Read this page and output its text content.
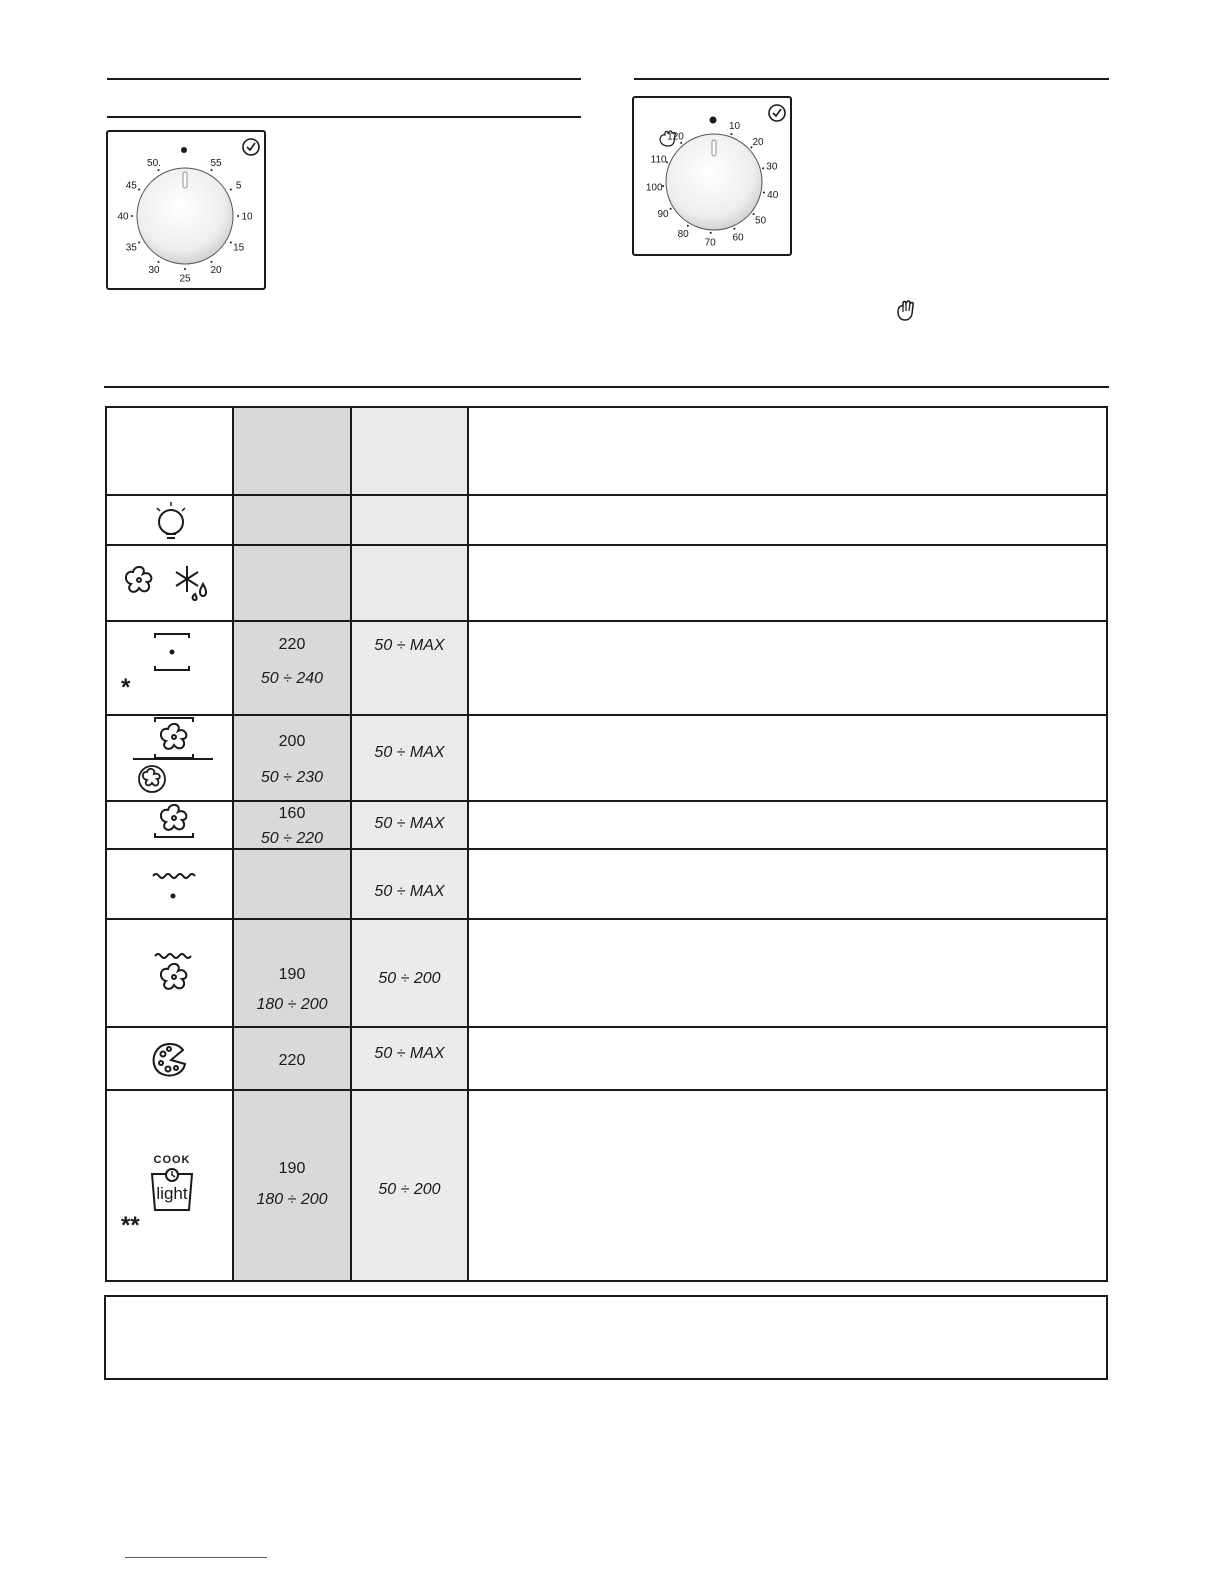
55
5
10
15
20
25
30
35
40
45
50.
10
20
30
40
50
60
70
80
90
100
110
120
*
220
50 ÷ 240
50 ÷ MAX
200
50 ÷ 230
50 ÷ MAX
160
50 ÷ 220
50 ÷ MAX
50 ÷ MAX
190
180 ÷ 200
50 ÷ 200
220	50 ÷ MAX
COOK
light
**
190
180 ÷ 200
50 ÷ 200
